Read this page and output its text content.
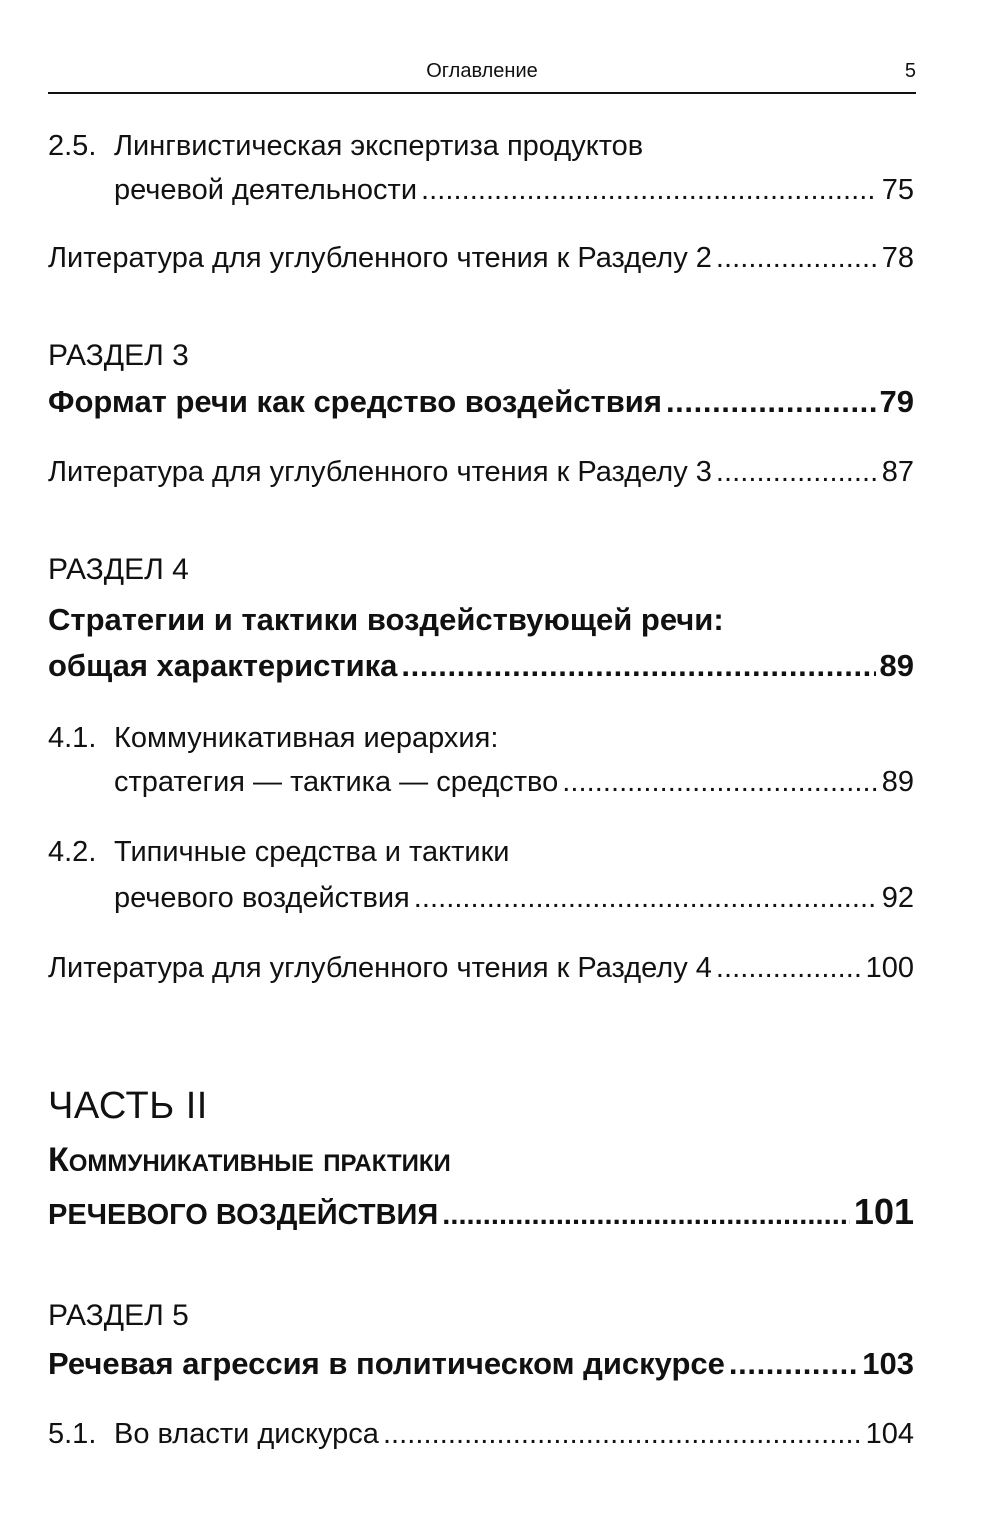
Оглавление	5
2.5. Лингвистическая экспертиза продуктов
речевой деятельности . . .	75
Литература для углубленного чтения к Разделу 2 . . .	78
РАЗДЕЛ 3
Формат речи как средство воздействия . . .	79
Литература для углубленного чтения к Разделу 3 . . .	87
РАЗДЕЛ 4
Стратегии и тактики воздействующей речи:
общая характеристика . . .	89
4.1. Коммуникативная иерархия:
стратегия — тактика — средство . . .	89
4.2. Типичные средства и тактики
речевого воздействия . . .	92
Литература для углубленного чтения к Разделу 4 . . .	100
ЧАСТЬ II
Коммуникативные практики
РЕЧЕВОГО ВОЗДЕЙСТВИЯ . . .	101
РАЗДЕЛ 5
Речевая агрессия в политическом дискурсе . . .	103
5.1. Во власти дискурса . . .	104
